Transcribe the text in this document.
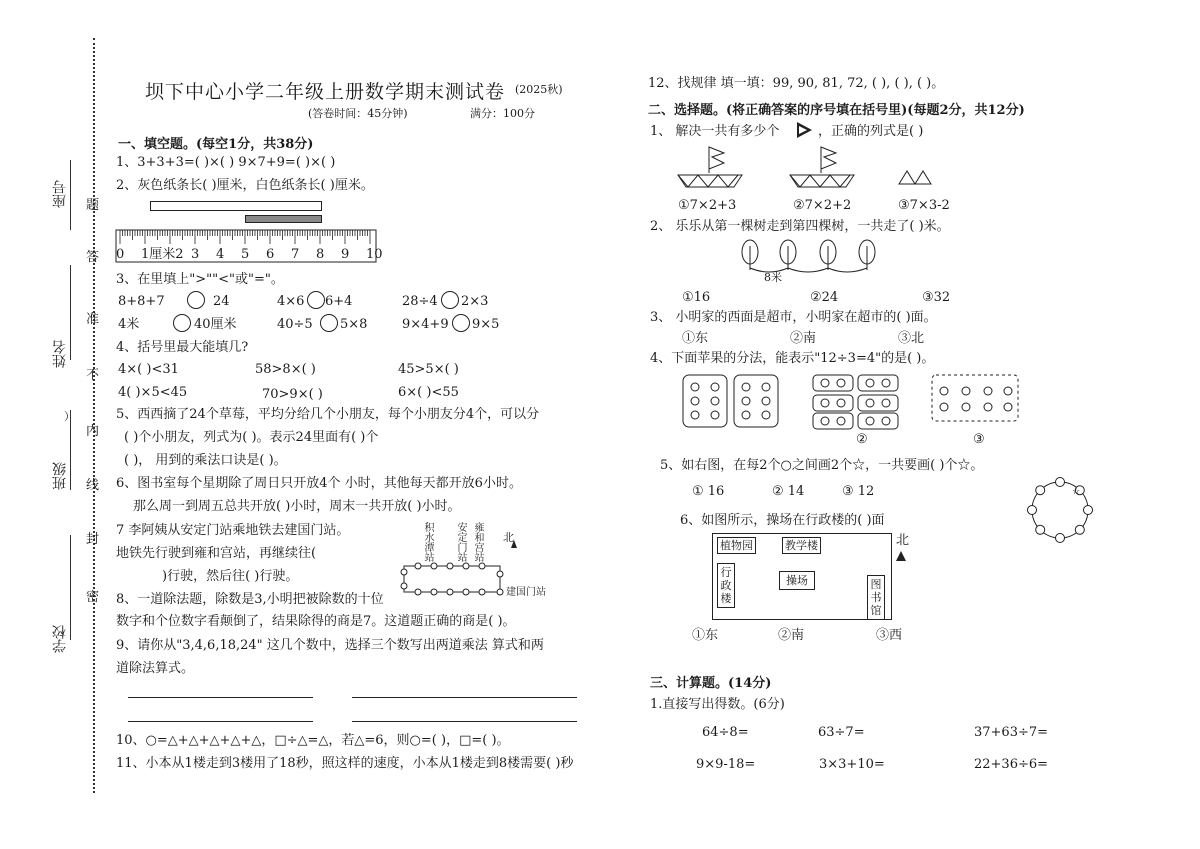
座号
姓名
班级
学校
）
题
答
准
不
内
线
封
密
坝下中心小学二年级上册数学期末测试卷 (2025秋)
(答卷时间：45分钟)	满分：100分
一、填空题。(每空1分，共38分)
1、3+3+3=( )×( ) 9×7+9=( )×( )
2、灰色纸条长( )厘米，白色纸条长( )厘米。
0 1厘米2 3 4 5 6 7 8 9 10
3、在里填上">""<"或"="。
8+8+7	24	4×6 6+4	28÷4 2×3
4米	40厘米	40÷5 5×8	9×4+9 9×5
4、括号里最大能填几?
4×( )<31	58>8×( )	45>5×( )
4( )×5<45	70>9×( )	6×( )<55
5、西西摘了24个草莓，平均分给几个小朋友，每个小朋友分4个，可以分
( )个小朋友，列式为( )。表示24里面有( )个
( )， 用到的乘法口诀是( )。
6、图书室每个星期除了周日只开放4个 小时，其他每天都开放6小时。
那么周一到周五总共开放( )小时，周末一共开放( )小时。
7 李阿姨从安定门站乘地铁去建国门站。
地铁先行驶到雍和宫站，再继续往(
)行驶，然后往( )行驶。
积水潭站 安定门站 雍和宫站 北
建国门站
8、一道除法题，除数是3,小明把被除数的十位
数字和个位数字看颠倒了，结果除得的商是7。这道题正确的商是( )。
9、请你从"3,4,6,18,24" 这几个数中，选择三个数写出两道乘法 算式和两
道除法算式。
10、○=△+△+△+△+△，□÷△=△，若△=6，则○=( )，□=( )。
11、小本从1楼走到3楼用了18秒，照这样的速度，小本从1楼走到8楼需要( )秒
12、找规律 填一填：99, 90, 81, 72, ( ), ( ), ( )。
二、选择题。(将正确答案的序号填在括号里)(每题2分，共12分)
1、 解决一共有多少个	，正确的列式是( )
①7×2+3	②7×2+2	③7×3-2
2、 乐乐从第一棵树走到第四棵树，一共走了( )米。
8米
①16	②24	③32
3、 小明家的西面是超市，小明家在超市的( )面。
①东	②南	③北
4、下面苹果的分法，能表示"12÷3=4"的是( )。
②	③
5、如右图，在每2个○之间画2个☆，一共要画( )个☆。
① 16	② 14	③ 12	☆
6、如图所示，操场在行政楼的( )面
植物园	教学楼
行政楼
操场	图书馆
北
①东	②南	③西
三、计算题。(14分)
1.直接写出得数。(6分)
64÷8=	63÷7=	37+63÷7=
9×9-18=	3×3+10=	22+36÷6=
